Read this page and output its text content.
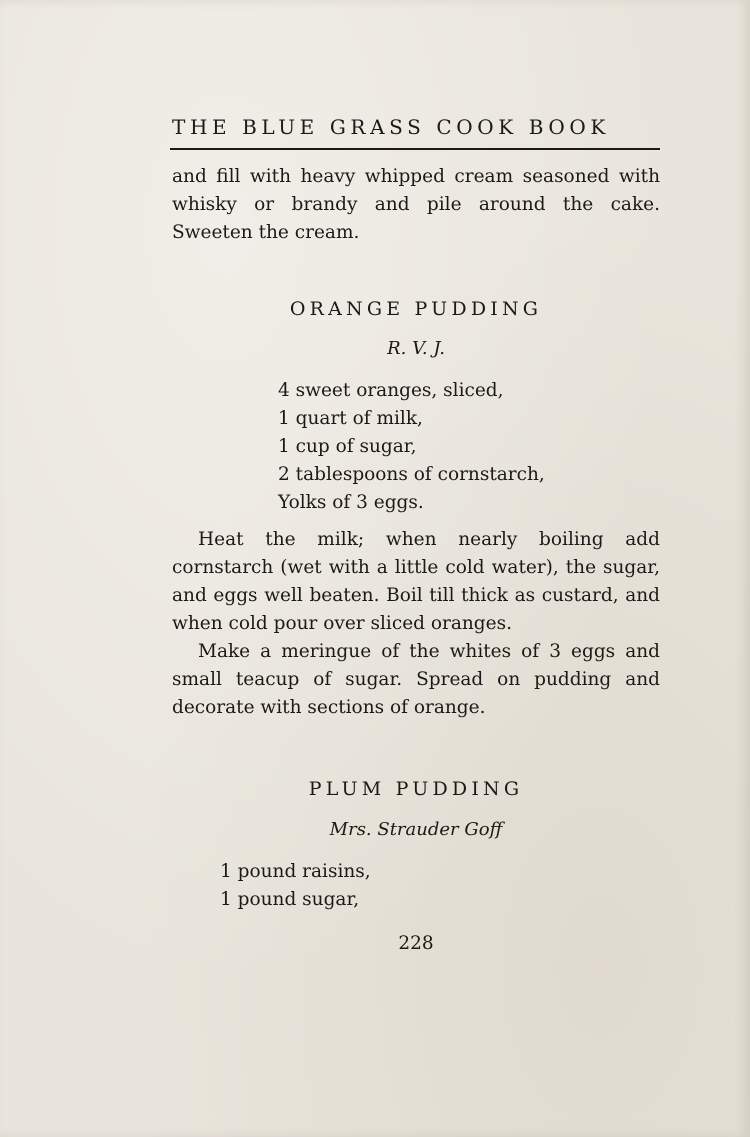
THE BLUE GRASS COOK BOOK

and fill with heavy whipped cream seasoned with whisky or brandy and pile around the cake. Sweeten the cream.

ORANGE PUDDING
R. V. J.
4 sweet oranges, sliced,
1 quart of milk,
1 cup of sugar,
2 tablespoons of cornstarch,
Yolks of 3 eggs.

Heat the milk; when nearly boiling add cornstarch (wet with a little cold water), the sugar, and eggs well beaten. Boil till thick as custard, and when cold pour over sliced oranges.

Make a meringue of the whites of 3 eggs and small teacup of sugar. Spread on pudding and decorate with sections of orange.

PLUM PUDDING
Mrs. Strauder Goff
1 pound raisins,
1 pound sugar,
228
